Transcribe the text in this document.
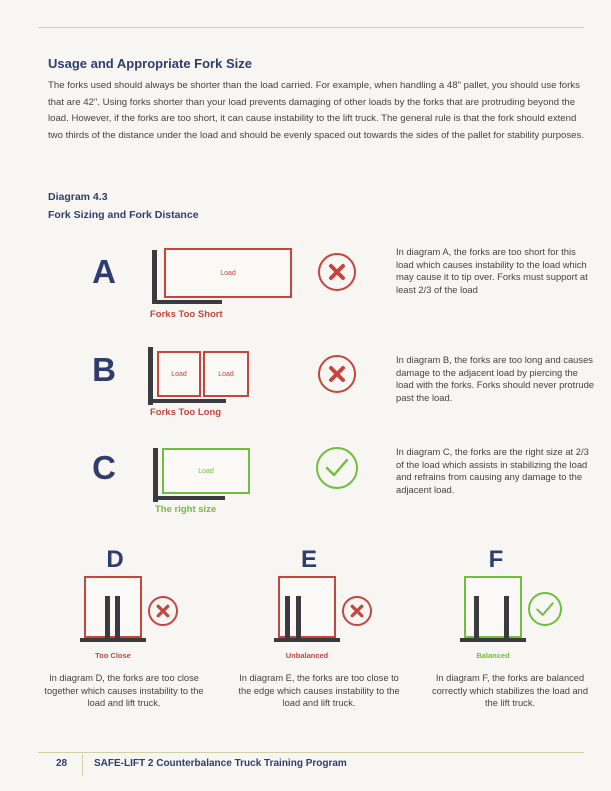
Usage and Appropriate Fork Size
The forks used should always be shorter than the load carried. For example, when handling a 48" pallet, you should use forks that are 42". Using forks shorter than your load prevents damaging of other loads by the forks that are protruding beyond the load. However, if the forks are too short, it can cause instability to the lift truck. The general rule is that the fork should extend two thirds of the distance under the load and should be evenly spaced out towards the sides of the pallet for stability purposes.
Diagram 4.3
Fork Sizing and Fork Distance
A	Load
Forks Too Short
In diagram A, the forks are too short for this load which causes instability to the load which may cause it to tip over. Forks must support at least 2/3 of the load
B	Load	Load
Forks Too Long
In diagram B, the forks are too long and causes damage to the adjacent load by piercing the load with the forks. Forks should never protrude past the load.
C	Load
The right size
In diagram C, the forks are the right size at 2/3 of the load which assists in stabilizing the load and refrains from causing any damage to the adjacent load.
D
Too Close
In diagram D, the forks are too close together which causes instability to the load and lift truck.
E
Unbalanced
In diagram E, the forks are too close to the edge which causes instability to the load and lift truck.
F
Balanced
In diagram F, the forks are balanced correctly which stabilizes the load and the lift truck.
28	SAFE-LIFT 2 Counterbalance Truck Training Program
